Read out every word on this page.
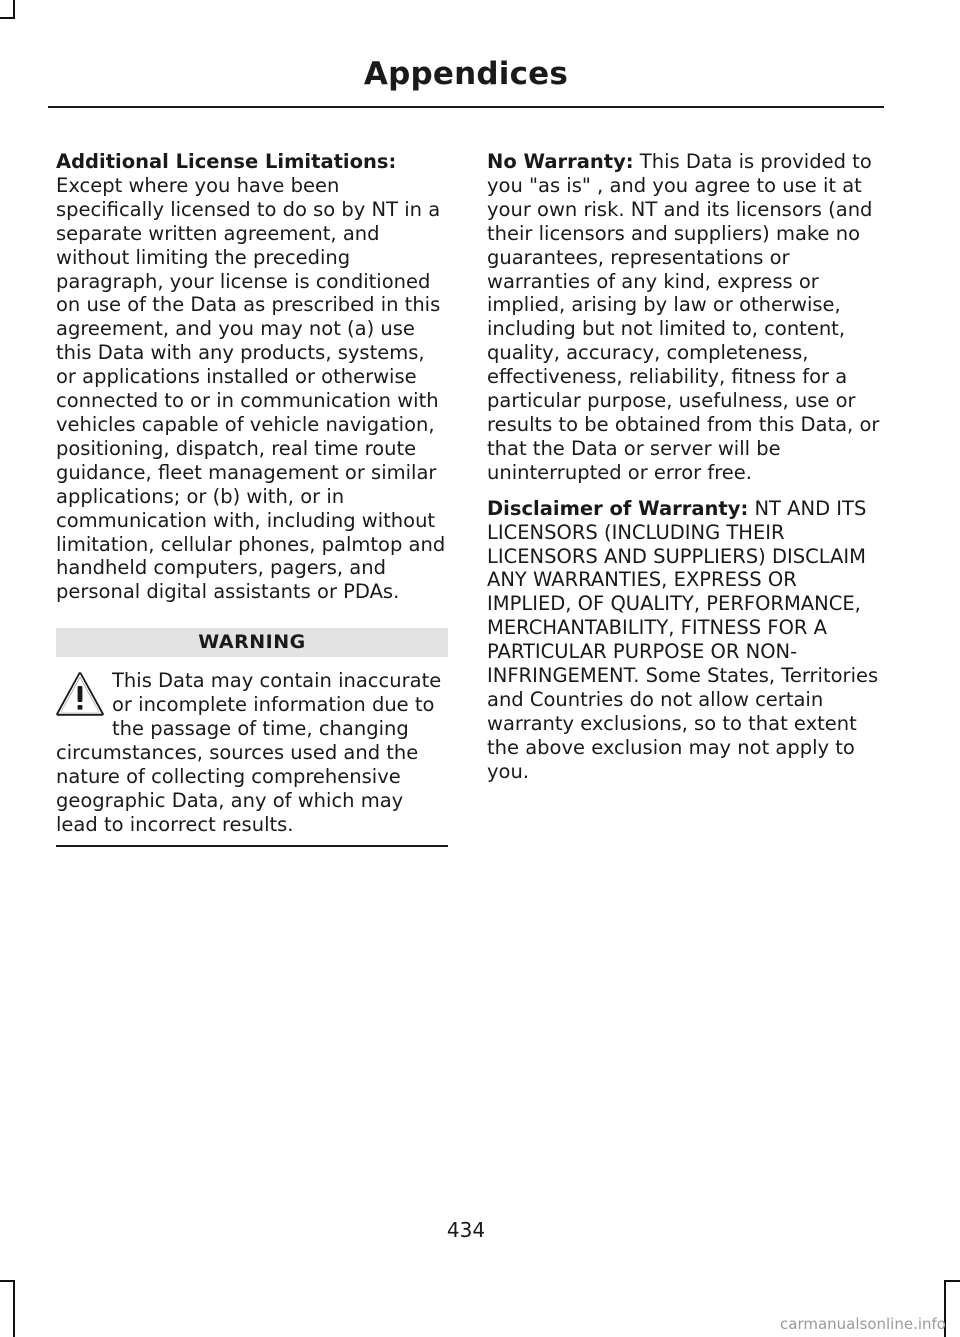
Appendices

Additional License Limitations:
Except where you have been specifically licensed to do so by NT in a separate written agreement, and without limiting the preceding paragraph, your license is conditioned on use of the Data as prescribed in this agreement, and you may not (a) use this Data with any products, systems, or applications installed or otherwise connected to or in communication with vehicles capable of vehicle navigation, positioning, dispatch, real time route guidance, fleet management or similar applications; or (b) with, or in communication with, including without limitation, cellular phones, palmtop and handheld computers, pagers, and personal digital assistants or PDAs.

WARNING
This Data may contain inaccurate or incomplete information due to the passage of time, changing circumstances, sources used and the nature of collecting comprehensive geographic Data, any of which may lead to incorrect results.

No Warranty: This Data is provided to you "as is" , and you agree to use it at your own risk. NT and its licensors (and their licensors and suppliers) make no guarantees, representations or warranties of any kind, express or implied, arising by law or otherwise, including but not limited to, content, quality, accuracy, completeness, effectiveness, reliability, fitness for a particular purpose, usefulness, use or results to be obtained from this Data, or that the Data or server will be uninterrupted or error free.

Disclaimer of Warranty: NT AND ITS LICENSORS (INCLUDING THEIR LICENSORS AND SUPPLIERS) DISCLAIM ANY WARRANTIES, EXPRESS OR IMPLIED, OF QUALITY, PERFORMANCE, MERCHANTABILITY, FITNESS FOR A PARTICULAR PURPOSE OR NON-INFRINGEMENT. Some States, Territories and Countries do not allow certain warranty exclusions, so to that extent the above exclusion may not apply to you.

434
carmanualsonline.info
